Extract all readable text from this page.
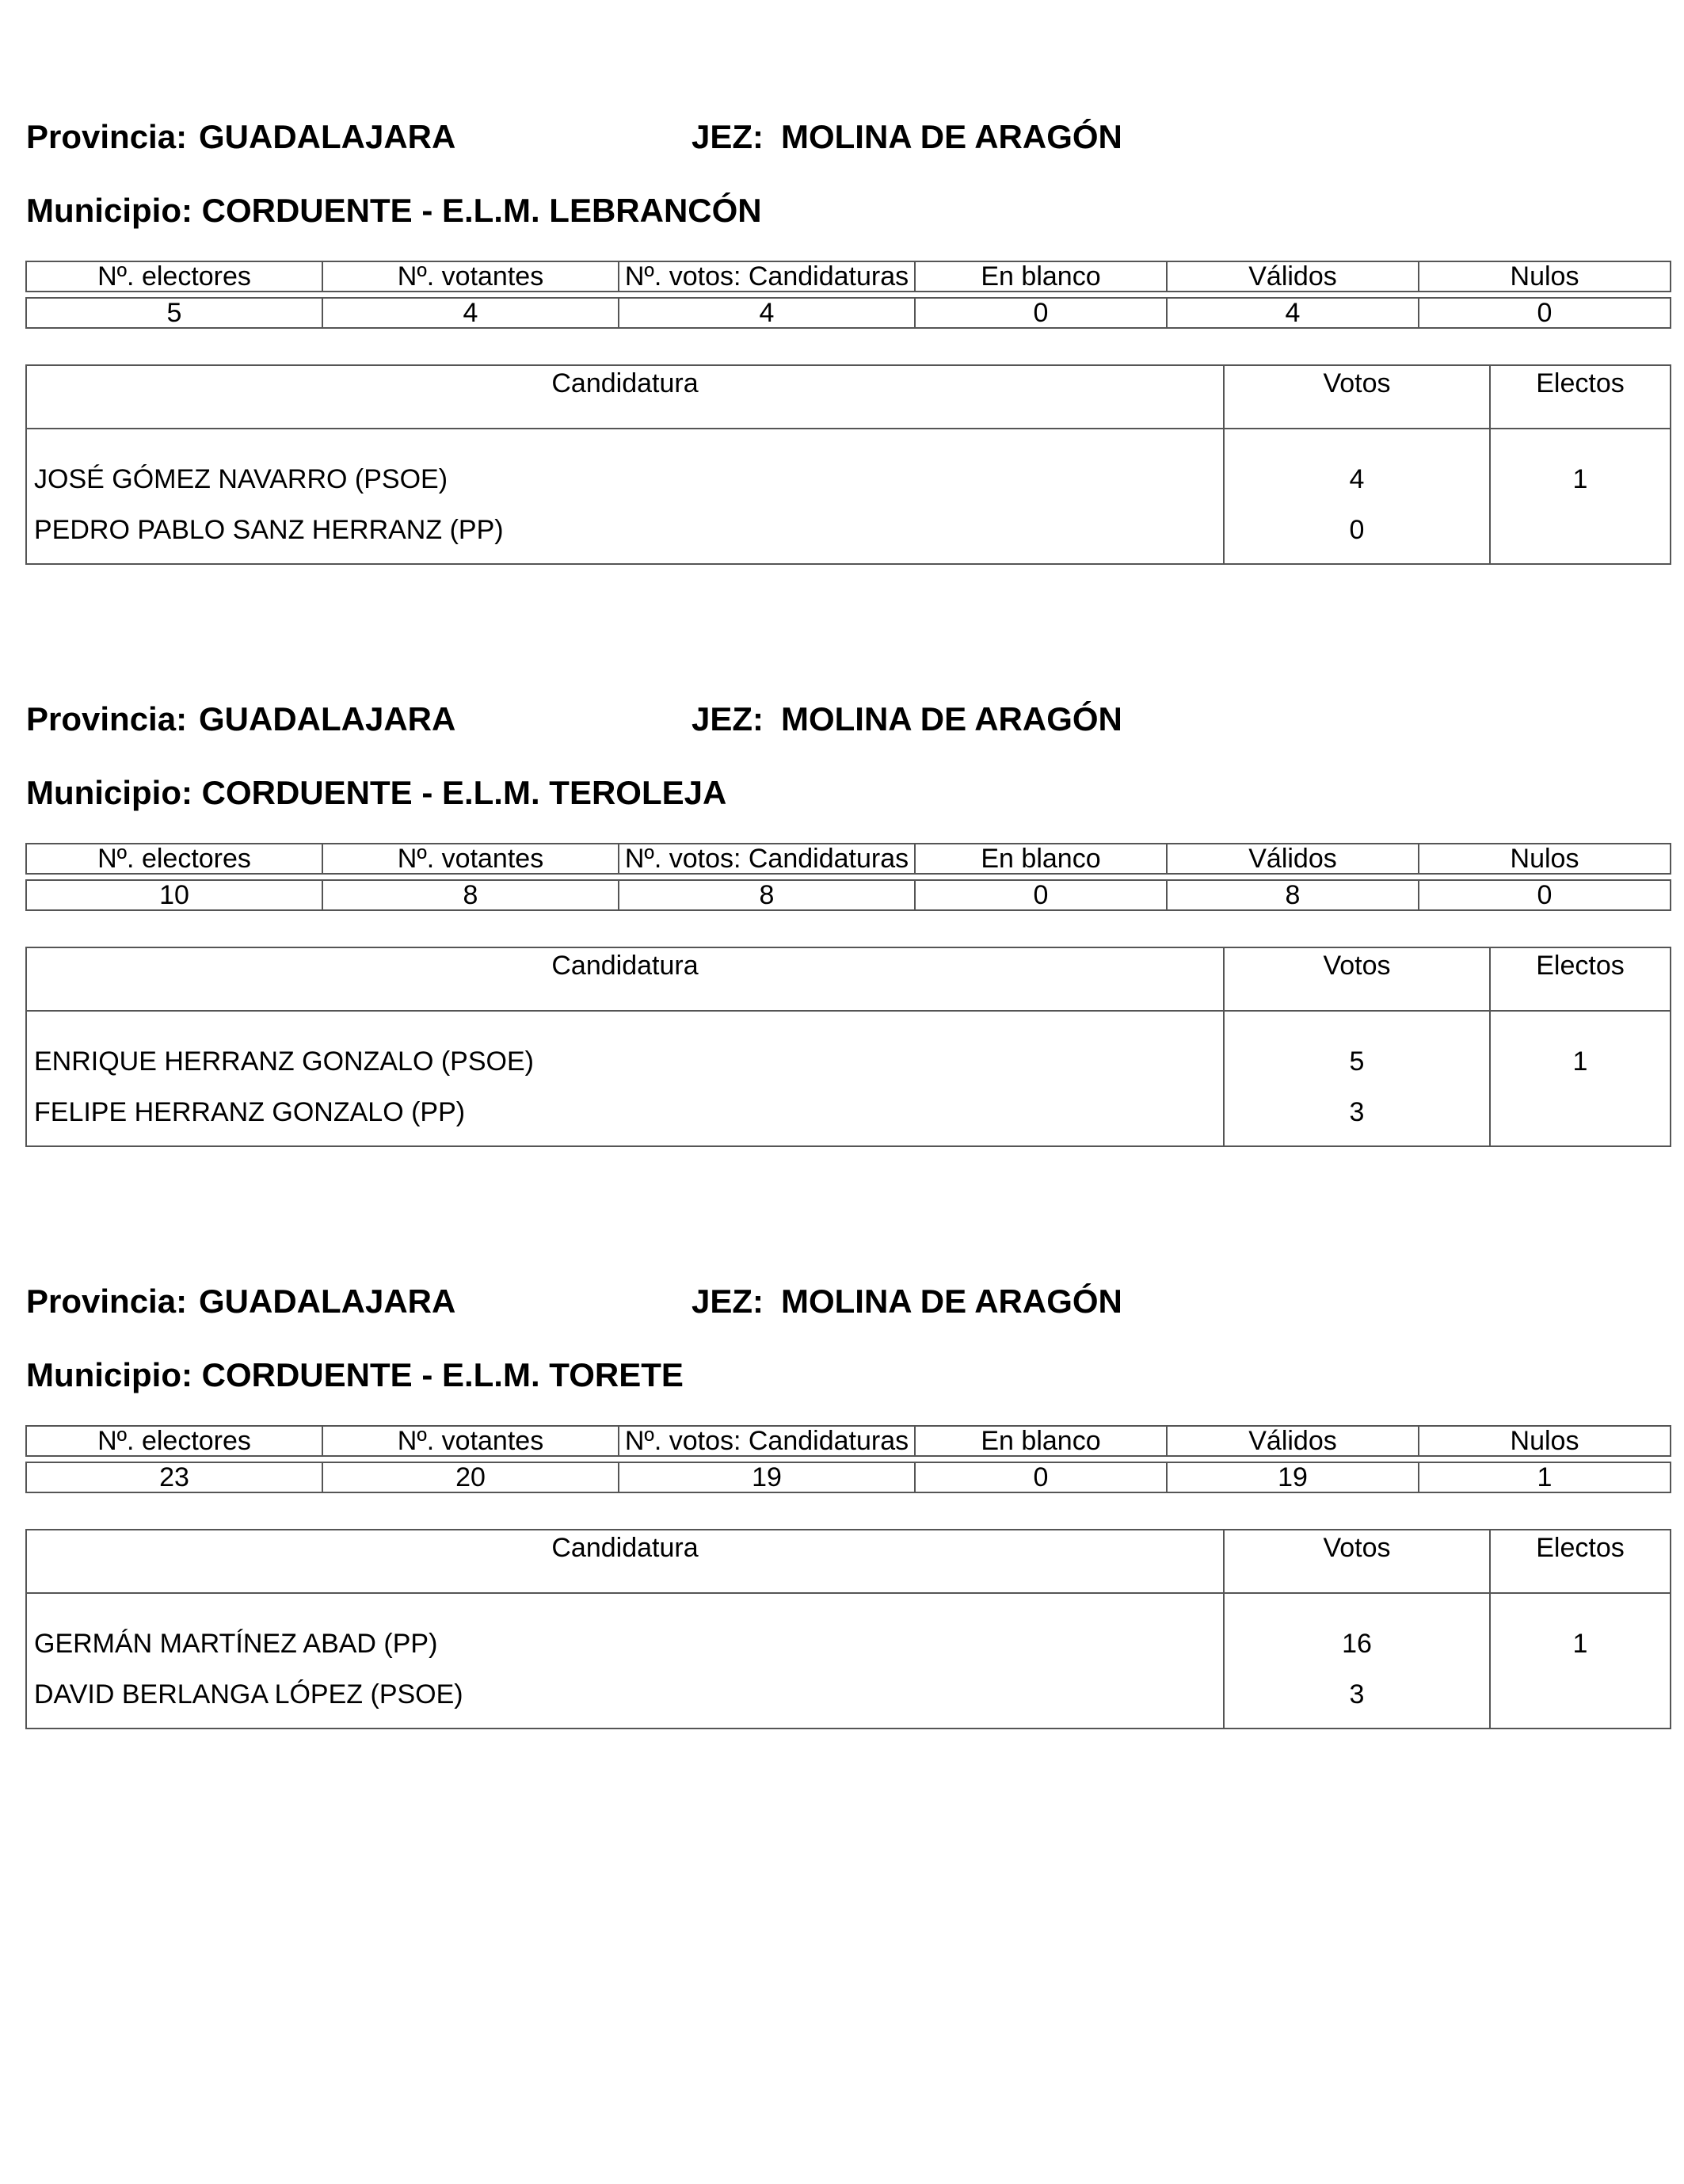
Provincia: GUADALAJARA	JEZ: MOLINA DE ARAGÓN
Municipio: CORDUENTE - E.L.M. LEBRANCÓN
Nº. electores	Nº. votantes	Nº. votos: Candidaturas	En blanco	Válidos	Nulos

5	4	4	0	4	0
Candidatura	Votos	Electos
JOSÉ GÓMEZ NAVARRO (PSOE)	4	1
PEDRO PABLO SANZ HERRANZ (PP)	0	
Provincia: GUADALAJARA	JEZ: MOLINA DE ARAGÓN
Municipio: CORDUENTE - E.L.M. TEROLEJA
Nº. electores	Nº. votantes	Nº. votos: Candidaturas	En blanco	Válidos	Nulos

10	8	8	0	8	0
Candidatura	Votos	Electos
ENRIQUE HERRANZ GONZALO (PSOE)	5	1
FELIPE HERRANZ GONZALO (PP)	3	
Provincia: GUADALAJARA	JEZ: MOLINA DE ARAGÓN
Municipio: CORDUENTE - E.L.M. TORETE
Nº. electores	Nº. votantes	Nº. votos: Candidaturas	En blanco	Válidos	Nulos

23	20	19	0	19	1
Candidatura	Votos	Electos
GERMÁN MARTÍNEZ ABAD (PP)	16	1
DAVID BERLANGA LÓPEZ (PSOE)	3	
